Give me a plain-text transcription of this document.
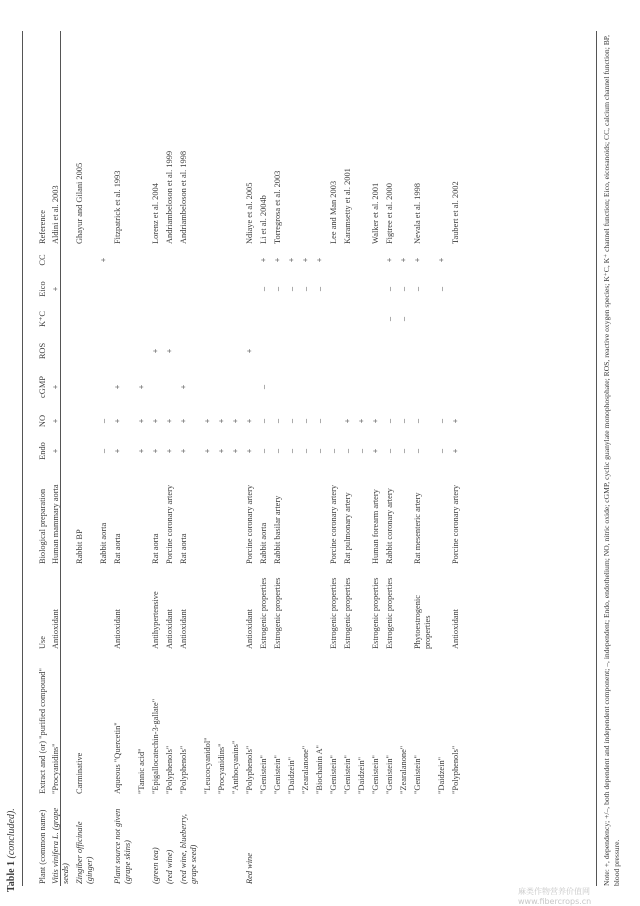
Table 1 (concluded).	Plant (common name)	Extract and (or) "purified compound"	Use	Biological preparation	Endo	NO	cGMP	ROS	K⁺C	Eico	CC	Reference
Vitis vinifera L. (grape seeds)	"Procyanidins"	Antioxidant	Human mammary aorta	+	+	+			+		Aldini et al. 2003
Zingiber officinale (ginger)	Carminative		Rabbit BP								Ghayur and Gilani 2005
			Rabbit aorta	–	–					+	
Plant source not given (grape skins)	Aqueous "Quercetin"	Antioxidant	Rat aorta	+	+	+					Fitzpatrick et al. 1993
	"Tannic acid"			+	+	+					
(green tea)	"Epigallocatechin-3-gallate"	Antihypertensive	Rat aorta	+	+		+				Lorenz et al. 2004
(red wine)	"Polyphenols"	Antioxidant	Porcine coronary artery	+	+		+				Andriambeloson et al. 1999
(red wine, blueberry, grape seed)	"Polyphenols"	Antioxidant	Rat aorta	+	+	+					Andriambeloson et al. 1998
	"Leucocyanidol"			+	+						
	"Procyanidins"			+	+						
	"Anthocyanins"			+	+						
Red wine	"Polyphenols"	Antioxidant	Porcine coronary artery	+	+		+				Ndiaye et al. 2005
	"Genistein"	Estrogenic properties	Rabbit aorta	–	–	–			–	+	Li et al. 2004b
	"Genistein"	Estrogenic properties	Rabbit basilar artery	–	–				–	+	Torregrosa et al. 2003
	"Daidzein"			–	–				–	+	
	"Zearalanone"			–	–				–	+	
	"Biochanin A"			–	–				–	+	
	"Genistein"	Estrogenic properties	Porcine coronary artery	–							Lee and Man 2003
	"Genistein"	Estrogenic properties	Rat pulmonary artery	–	+						Karamsetty et al. 2001
	"Daidzein"			–	+						
	"Genistein"	Estrogenic properties	Human forearm artery	+	+						Walker et al. 2001
	"Genistein"	Estrogenic properties	Rabbit coronary artery	–	–			–	–	+	Figtree et al. 2000
	"Zearalanone"			–	–			–	–	+	
	"Genistein"	Phytoestrogenic properties	Rat mesenteric artery	–	–				–	+	Nevala et al. 1998
	"Daidzein"			–	–				–	+	
	"Polyphenols"	Antioxidant	Porcine coronary artery	+	+						Taubert et al. 2002	Note: +, dependency; +/–, both dependent and independent component; –, independent; Endo, endothelium; NO, nitric oxide; cGMP, cyclic guanylate monophosphate; ROS, reactive oxygen species; K⁺C, K⁺ channel function; Eico, eicosanoids; CC, calcium channel function; BP, blood pressure.
麻类作物营养价值网 www.fibercrops.cn
